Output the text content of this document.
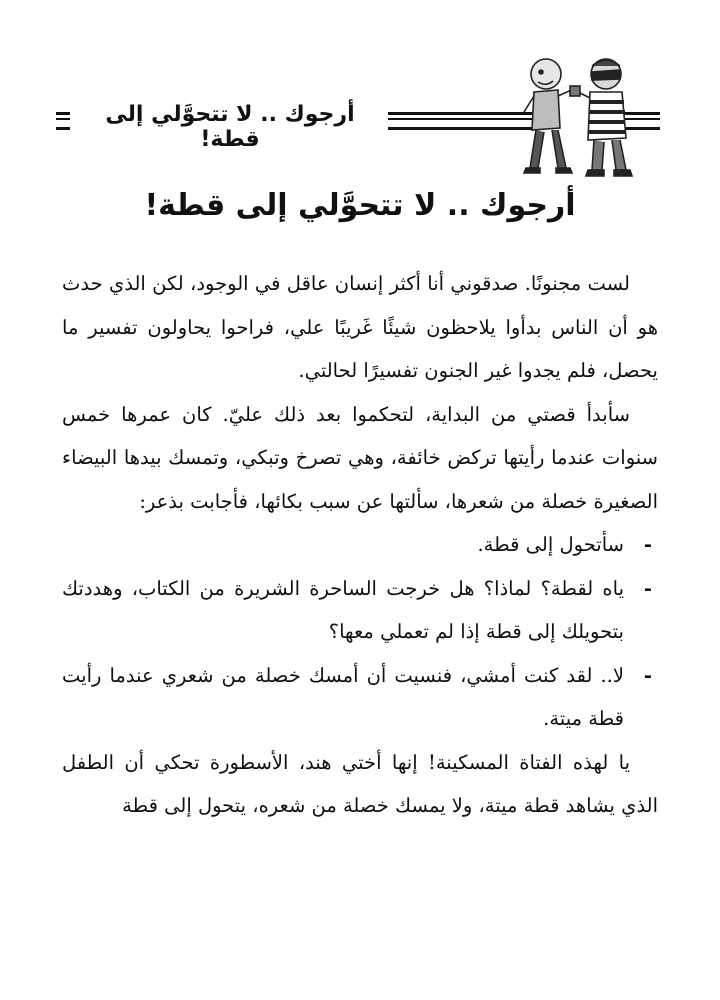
أرجوك .. لا تتحوَّلي إلى قطة!
أرجوك .. لا تتحوَّلي إلى قطة!

لست مجنونًا. صدقوني أنا أكثر إنسان عاقل في الوجود، لكن الذي حدث هو أن الناس بدأوا يلاحظون شيئًا غَريبًا علي، فراحوا يحاولون تفسير ما يحصل، فلم يجدوا غير الجنون تفسيرًا لحالتي.

سأبدأ قصتي من البداية، لتحكموا بعد ذلك عليّ. كان عمرها خمس سنوات عندما رأيتها تركض خائفة، وهي تصرخ وتبكي، وتمسك بيدها البيضاء الصغيرة خصلة من شعرها، سألتها عن سبب بكائها، فأجابت بذعر:

- سأتحول إلى قطة.
- ياه لقطة؟ لماذا؟ هل خرجت الساحرة الشريرة من الكتاب، وهددتك بتحويلك إلى قطة إذا لم تعملي معها؟
- لا.. لقد كنت أمشي، فنسيت أن أمسك خصلة من شعري عندما رأيت قطة ميتة.

يا لهذه الفتاة المسكينة! إنها أختي هند، الأسطورة تحكي أن الطفل الذي يشاهد قطة ميتة، ولا يمسك خصلة من شعره، يتحول إلى قطة
